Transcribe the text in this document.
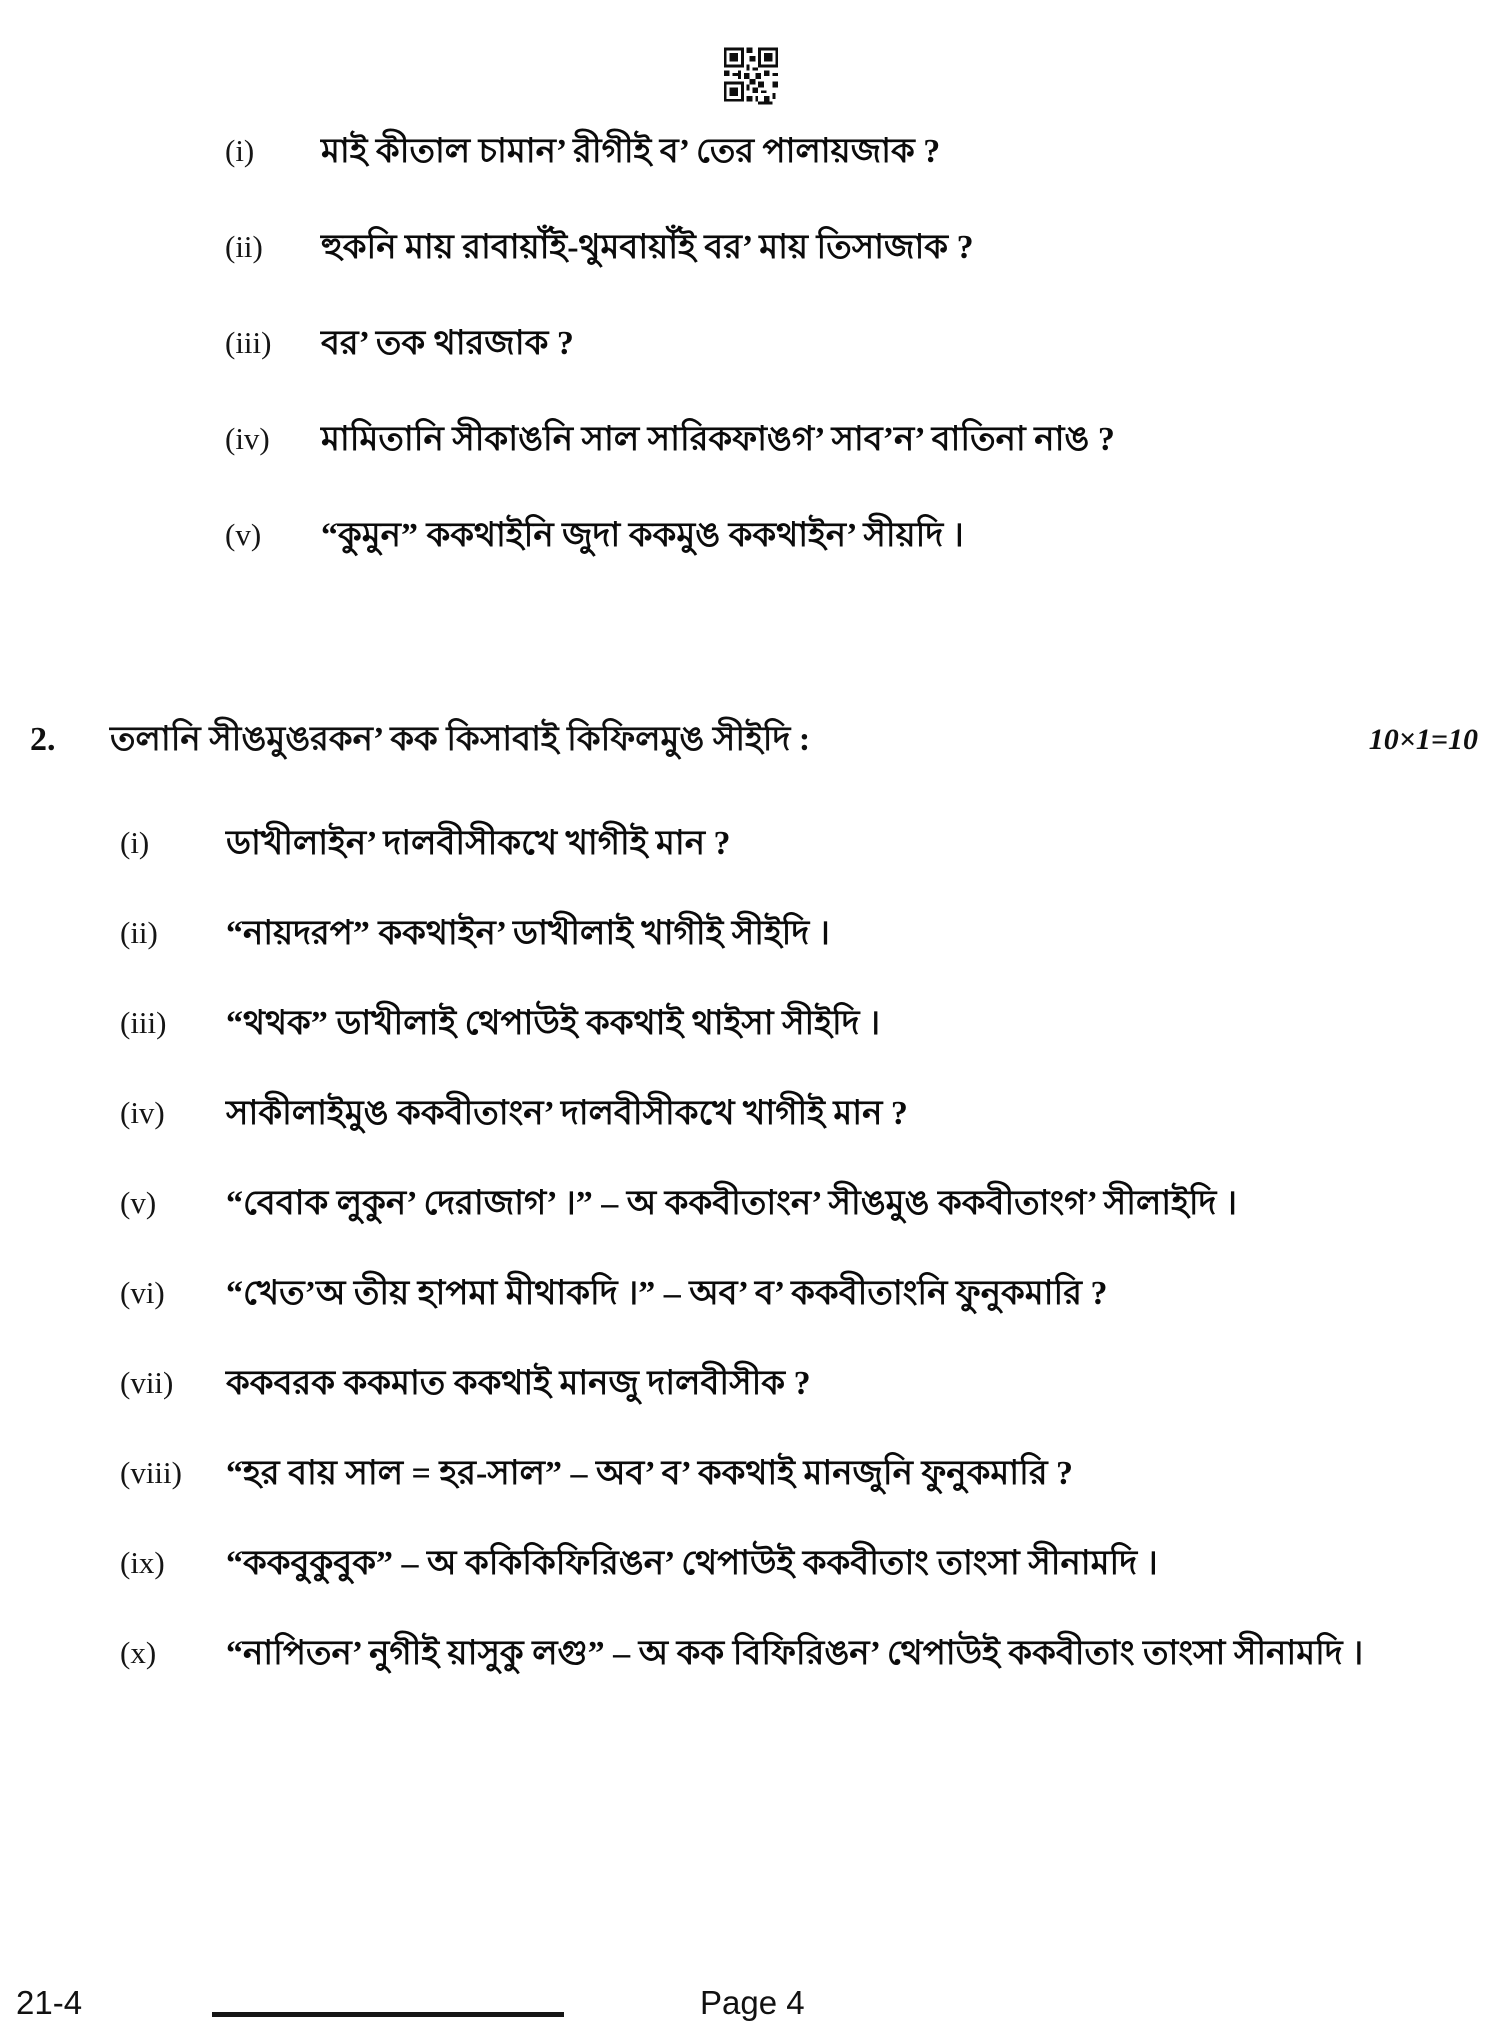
(i)	মাই কীতাল চামান’ রীগীই ব’ তের পালায়জাক ?
(ii)	হুকনি মায় রাবায়াঁই-থুমবায়াঁই বর’ মায় তিসাজাক ?
(iii)	বর’ তক থারজাক ?
(iv)	মামিতানি সীকাঙনি সাল সারিকফাঙগ’ সাব’ন’ বাতিনা নাঙ ?
(v)	“কুমুন” ককথাইনি জুদা ককমুঙ ককথাইন’ সীয়দি ।
2.	তলানি সীঙমুঙরকন’ কক কিসাবাই কিফিলমুঙ সীইদি :	10×1=10
(i)	ডাখীলাইন’ দালবীসীকখে খাগীই মান ?
(ii)	“নায়দরপ” ককথাইন’ ডাখীলাই খাগীই সীইদি ।
(iii)	“থথক” ডাখীলাই থেপাউই ককথাই থাইসা সীইদি ।
(iv)	সাকীলাইমুঙ ককবীতাংন’ দালবীসীকখে খাগীই মান ?
(v)	“বেবাক লুকুন’ দেরাজাগ’ ।” – অ ককবীতাংন’ সীঙমুঙ ককবীতাংগ’ সীলাইদি ।
(vi)	“খেত’অ তীয় হাপমা মীথাকদি ।” – অব’ ব’ ককবীতাংনি ফুনুকমারি ?
(vii)	ককবরক ককমাত ককথাই মানজু দালবীসীক ?
(viii)	“হর বায় সাল = হর-সাল” – অব’ ব’ ককথাই মানজুনি ফুনুকমারি ?
(ix)	“ককবুকুবুক” – অ ককিকিফিরিঙন’ থেপাউই ককবীতাং তাংসা সীনামদি ।
(x)	“নাপিতন’ নুগীই য়াসুকু লগু” – অ কক বিফিরিঙন’ থেপাউই ককবীতাং তাংসা সীনামদি ।
21-4	Page 4
